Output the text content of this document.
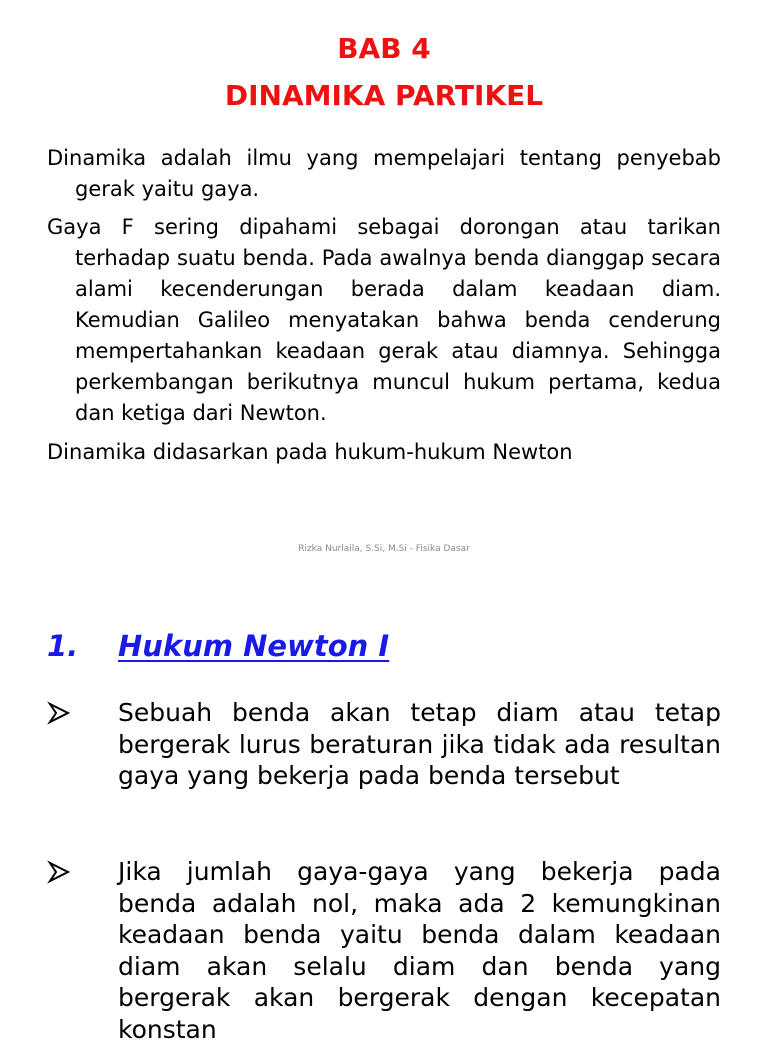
BAB 4
DINAMIKA PARTIKEL
Dinamika adalah ilmu yang mempelajari tentang penyebab gerak yaitu gaya.
Gaya F sering dipahami sebagai dorongan atau tarikan terhadap suatu benda. Pada awalnya benda dianggap secara alami kecenderungan berada dalam keadaan diam. Kemudian Galileo menyatakan bahwa benda cenderung mempertahankan keadaan gerak atau diamnya. Sehingga perkembangan berikutnya muncul hukum pertama, kedua dan ketiga dari Newton.
Dinamika didasarkan pada hukum-hukum Newton
Rizka Nurlaila, S.Si, M.Si - Fisika Dasar
1. Hukum Newton I
Sebuah benda akan tetap diam atau tetap bergerak lurus beraturan jika tidak ada resultan gaya yang bekerja pada benda tersebut
Jika jumlah gaya-gaya yang bekerja pada benda adalah nol, maka ada 2 kemungkinan keadaan benda yaitu benda dalam keadaan diam akan selalu diam dan benda yang bergerak akan bergerak dengan kecepatan konstan
